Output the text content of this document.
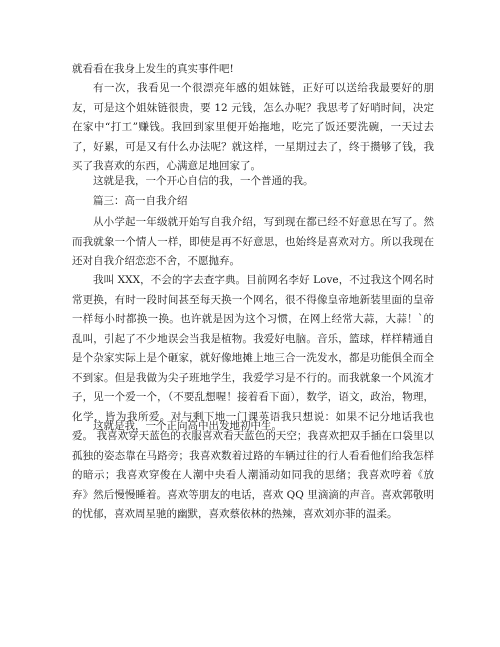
就看看在我身上发生的真实事件吧!

有一次，我看见一个很漂亮年感的姐妹链，正好可以送给我最要好的朋友，可是这个姐妹链很贵，要 12 元钱，怎么办呢？我思考了好哨时间，决定在家中“打工”赚钱。我回到家里便开始拖地，吃完了饭还要洗碗，一天过去了，好累，可是又有什么办法呢？就这样，一星期过去了，终于攒够了钱，我买了我喜欢的东西，心满意足地回家了。

这就是我，一个开心自信的我，一个普通的我。

篇三：高一自我介绍

从小学起一年级就开始写自我介绍，写到现在都已经不好意思在写了。然而我就象一个情人一样，即使是再不好意思，也始终是喜欢对方。所以我现在还对自我介绍恋恋不舍，不愿抛弃。

我叫 XXX，不会的字去查字典。目前网名李好 Love，不过我这个网名时常更换，有时一段时间甚至每天换一个网名，很不得像皇帝地新装里面的皇帝一样每小时都换一换。也许就是因为这个习惯，在网上经常大蒜，大蒜！`的乱叫，引起了不少地误会当我是植物。我爱好电脑。音乐，篮球，样样精通自是个杂家实际上是个砸家，就好像地摊上地三合一洗发水，都是功能俱全而全不到家。但是我做为尖子班地学生，我爱学习是不行的。而我就象一个风流才子，见一个爱一个，（不要乱想喔！接着看下面），数学，语文，政治，物理，化学，皆为我所爱。对与剩下地一门课英语我只想说：如果不记分地话我也爱。 我喜欢穿天蓝色的衣服喜欢看天蓝色的天空；我喜欢把双手插在口袋里以孤独的姿态靠在马路旁；我喜欢数着过路的车辆过往的行人看看他们给我怎样的暗示；我喜欢穿俊在人潮中央看人潮涌动如同我的思绪；我喜欢哼着《放弃》然后慢慢睡着。喜欢等朋友的电话，喜欢 QQ 里滴滴的声音。喜欢郭敬明的忧郁，喜欢周星驰的幽默，喜欢蔡依林的热辣，喜欢刘亦菲的温柔。

这就是我，一个正向高中出发地初中生。
